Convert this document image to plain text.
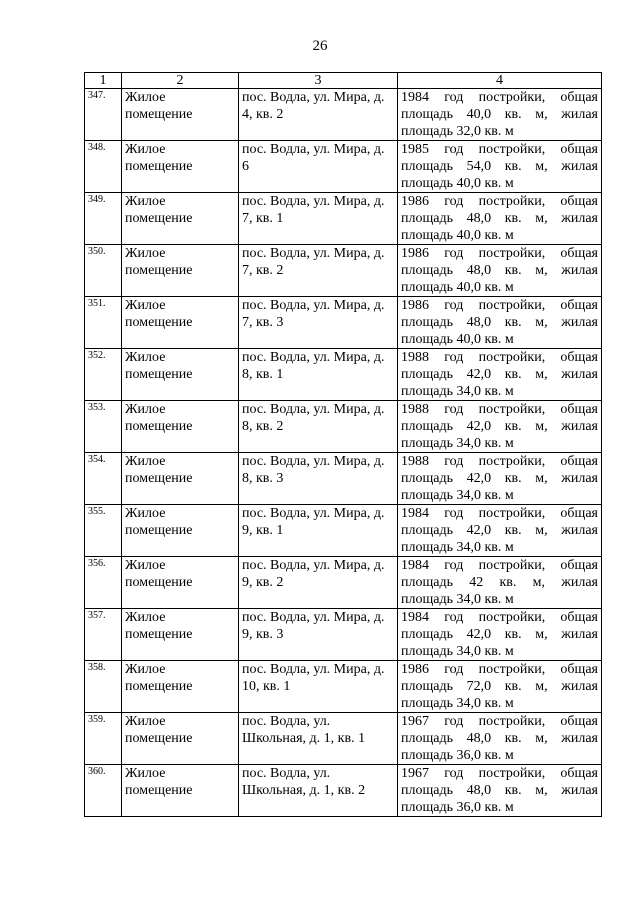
26
1	2	3	4
347.	Жилое помещение	пос. Водла, ул. Мира, д. 4, кв. 2	1984 год постройки, общая площадь 40,0 кв. м, жилая площадь 32,0 кв. м
348.	Жилое помещение	пос. Водла, ул. Мира, д. 6	1985 год постройки, общая площадь 54,0 кв. м, жилая площадь 40,0 кв. м
349.	Жилое помещение	пос. Водла, ул. Мира, д. 7, кв. 1	1986 год постройки, общая площадь 48,0 кв. м, жилая площадь 40,0 кв. м
350.	Жилое помещение	пос. Водла, ул. Мира, д. 7, кв. 2	1986 год постройки, общая площадь 48,0 кв. м, жилая площадь 40,0 кв. м
351.	Жилое помещение	пос. Водла, ул. Мира, д. 7, кв. 3	1986 год постройки, общая площадь 48,0 кв. м, жилая площадь 40,0 кв. м
352.	Жилое помещение	пос. Водла, ул. Мира, д. 8, кв. 1	1988 год постройки, общая площадь 42,0 кв. м, жилая площадь 34,0 кв. м
353.	Жилое помещение	пос. Водла, ул. Мира, д. 8, кв. 2	1988 год постройки, общая площадь 42,0 кв. м, жилая площадь 34,0 кв. м
354.	Жилое помещение	пос. Водла, ул. Мира, д. 8, кв. 3	1988 год постройки, общая площадь 42,0 кв. м, жилая площадь 34,0 кв. м
355.	Жилое помещение	пос. Водла, ул. Мира, д. 9, кв. 1	1984 год постройки, общая площадь 42,0 кв. м, жилая площадь 34,0 кв. м
356.	Жилое помещение	пос. Водла, ул. Мира, д. 9, кв. 2	1984 год постройки, общая площадь 42 кв. м, жилая площадь 34,0 кв. м
357.	Жилое помещение	пос. Водла, ул. Мира, д. 9, кв. 3	1984 год постройки, общая площадь 42,0 кв. м, жилая площадь 34,0 кв. м
358.	Жилое помещение	пос. Водла, ул. Мира, д. 10, кв. 1	1986 год постройки, общая площадь 72,0 кв. м, жилая площадь 34,0 кв. м
359.	Жилое помещение	пос. Водла, ул. Школьная, д. 1, кв. 1	1967 год постройки, общая площадь 48,0 кв. м, жилая площадь 36,0 кв. м
360.	Жилое помещение	пос. Водла, ул. Школьная, д. 1, кв. 2	1967 год постройки, общая площадь 48,0 кв. м, жилая площадь 36,0 кв. м
